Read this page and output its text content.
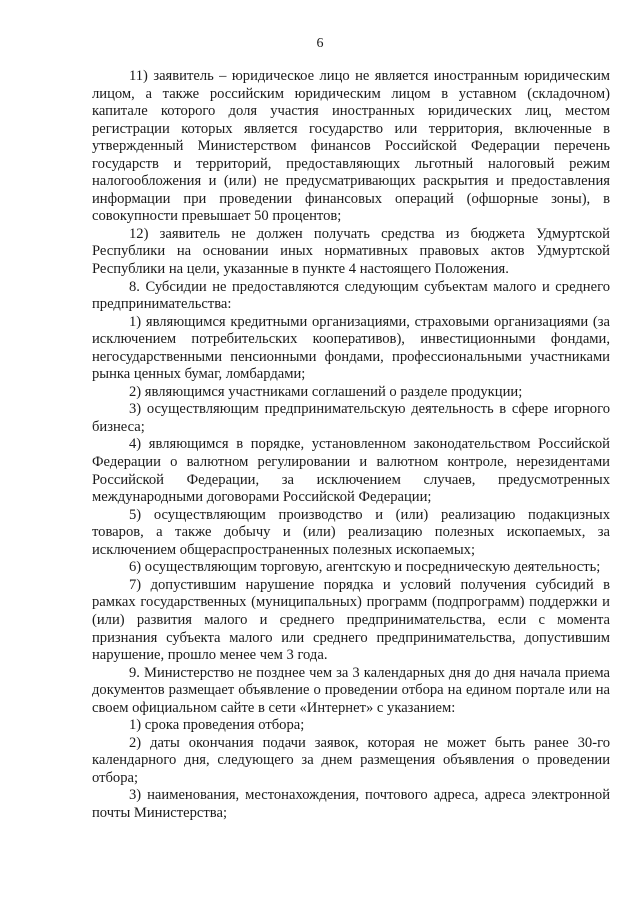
6

11) заявитель – юридическое лицо не является иностранным юридическим лицом, а также российским юридическим лицом в уставном (складочном) капитале которого доля участия иностранных юридических лиц, местом регистрации которых является государство или территория, включенные в утвержденный Министерством финансов Российской Федерации перечень государств и территорий, предоставляющих льготный налоговый режим налогообложения и (или) не предусматривающих раскрытия и предоставления информации при проведении финансовых операций (офшорные зоны), в совокупности превышает 50 процентов;

12) заявитель не должен получать средства из бюджета Удмуртской Республики на основании иных нормативных правовых актов Удмуртской Республики на цели, указанные в пункте 4 настоящего Положения.

8. Субсидии не предоставляются следующим субъектам малого и среднего предпринимательства:

1) являющимся кредитными организациями, страховыми организациями (за исключением потребительских кооперативов), инвестиционными фондами, негосударственными пенсионными фондами, профессиональными участниками рынка ценных бумаг, ломбардами;

2) являющимся участниками соглашений о разделе продукции;

3) осуществляющим предпринимательскую деятельность в сфере игорного бизнеса;

4) являющимся в порядке, установленном законодательством Российской Федерации о валютном регулировании и валютном контроле, нерезидентами Российской Федерации, за исключением случаев, предусмотренных международными договорами Российской Федерации;

5) осуществляющим производство и (или) реализацию подакцизных товаров, а также добычу и (или) реализацию полезных ископаемых, за исключением общераспространенных полезных ископаемых;

6) осуществляющим торговую, агентскую и посредническую деятельность;

7) допустившим нарушение порядка и условий получения субсидий в рамках государственных (муниципальных) программ (подпрограмм) поддержки и (или) развития малого и среднего предпринимательства, если с момента признания субъекта малого или среднего предпринимательства, допустившим нарушение, прошло менее чем 3 года.

9. Министерство не позднее чем за 3 календарных дня до дня начала приема документов размещает объявление о проведении отбора на едином портале или на своем официальном сайте в сети «Интернет» с указанием:

1) срока проведения отбора;

2) даты окончания подачи заявок, которая не может быть ранее 30-го календарного дня, следующего за днем размещения объявления о проведении отбора;

3) наименования, местонахождения, почтового адреса, адреса электронной почты Министерства;
